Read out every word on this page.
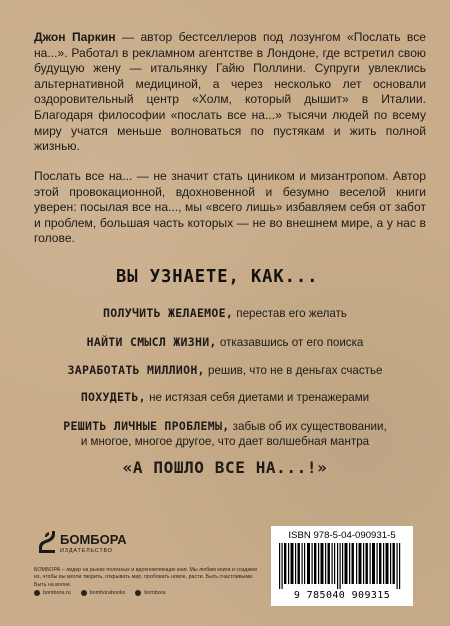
Джон Паркин — автор бестселлеров под лозунгом «Послать все на...». Работал в рекламном агентстве в Лондоне, где встретил свою будущую жену — итальянку Гайю Поллини. Супруги увлеклись альтернативной медициной, а через несколько лет основали оздоровительный центр «Холм, который дышит» в Италии. Благодаря философии «послать все на...» тысячи людей по всему миру учатся меньше волноваться по пустякам и жить полной жизнью.

Послать все на... — не значит стать циником и мизантропом. Автор этой провокационной, вдохновенной и безумно веселой книги уверен: посылая все на..., мы «всего лишь» избавляем себя от забот и проблем, большая часть которых — не во внешнем мире, а у нас в голове.

ВЫ УЗНАЕТЕ, КАК...
ПОЛУЧИТЬ ЖЕЛАЕМОЕ, перестав его желать
НАЙТИ СМЫСЛ ЖИЗНИ, отказавшись от его поиска
ЗАРАБОТАТЬ МИЛЛИОН, решив, что не в деньгах счастье
ПОХУДЕТЬ, не истязая себя диетами и тренажерами
РЕШИТЬ ЛИЧНЫЕ ПРОБЛЕМЫ, забыв об их существовании,
и многое, многое другое, что дает волшебная мантра
«А ПОШЛО ВСЕ НА...!»
БОМБОРА
ИЗДАТЕЛЬСТВО
БОМБОРА – лидер на рынке полезных и вдохновляющих книг. Мы любим книги и создаем их, чтобы вы могли творить, открывать мир, пробовать новое, расти. Быть счастливыми. Быть на волне.
bombora.ru	bomborabooks	bombora
ISBN 978-5-04-090931-5
9 785040 909315
